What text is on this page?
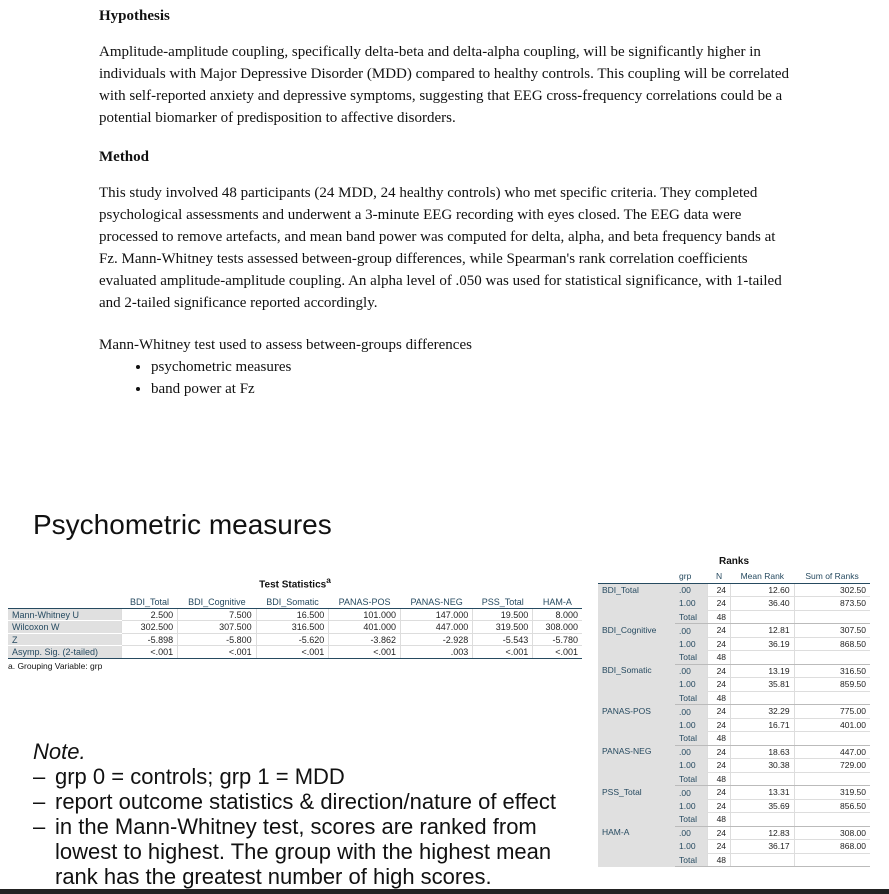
Hypothesis

Amplitude-amplitude coupling, specifically delta-beta and delta-alpha coupling, will be significantly higher in individuals with Major Depressive Disorder (MDD) compared to healthy controls. This coupling will be correlated with self-reported anxiety and depressive symptoms, suggesting that EEG cross-frequency correlations could be a potential biomarker of predisposition to affective disorders.

Method

This study involved 48 participants (24 MDD, 24 healthy controls) who met specific criteria. They completed psychological assessments and underwent a 3-minute EEG recording with eyes closed. The EEG data were processed to remove artefacts, and mean band power was computed for delta, alpha, and beta frequency bands at Fz. Mann-Whitney tests assessed between-group differences, while Spearman's rank correlation coefficients evaluated amplitude-amplitude coupling. An alpha level of .050 was used for statistical significance, with 1-tailed and 2-tailed significance reported accordingly.

Mann-Whitney test used to assess between-groups differences

• psychometric measures
• band power at Fz
Psychometric measures
Test Statistics$^a$
	BDI_Total	BDI_Cognitive	BDI_Somatic	PANAS-POS	PANAS-NEG	PSS_Total	HAM-A
Mann-Whitney U	2.500	7.500	16.500	101.000	147.000	19.500	8.000
Wilcoxon W	302.500	307.500	316.500	401.000	447.000	319.500	308.000
Z	-5.898	-5.800	-5.620	-3.862	-2.928	-5.543	-5.780
Asymp. Sig. (2-tailed)	<.001	<.001	<.001	<.001	.003	<.001	<.001
a. Grouping Variable: grp
Ranks
	grp	N	Mean Rank	Sum of Ranks
BDI_Total	.00	24	12.60	302.50
	1.00	24	36.40	873.50
	Total	48		
BDI_Cognitive	.00	24	12.81	307.50
	1.00	24	36.19	868.50
	Total	48		
BDI_Somatic	.00	24	13.19	316.50
	1.00	24	35.81	859.50
	Total	48		
PANAS-POS	.00	24	32.29	775.00
	1.00	24	16.71	401.00
	Total	48		
PANAS-NEG	.00	24	18.63	447.00
	1.00	24	30.38	729.00
	Total	48		
PSS_Total	.00	24	13.31	319.50
	1.00	24	35.69	856.50
	Total	48		
HAM-A	.00	24	12.83	308.00
	1.00	24	36.17	868.00
	Total	48		
Note.
– grp 0 = controls; grp 1 = MDD
– report outcome statistics & direction/nature of effect
– in the Mann-Whitney test, scores are ranked from lowest to highest. The group with the highest mean rank has the greatest number of high scores.
